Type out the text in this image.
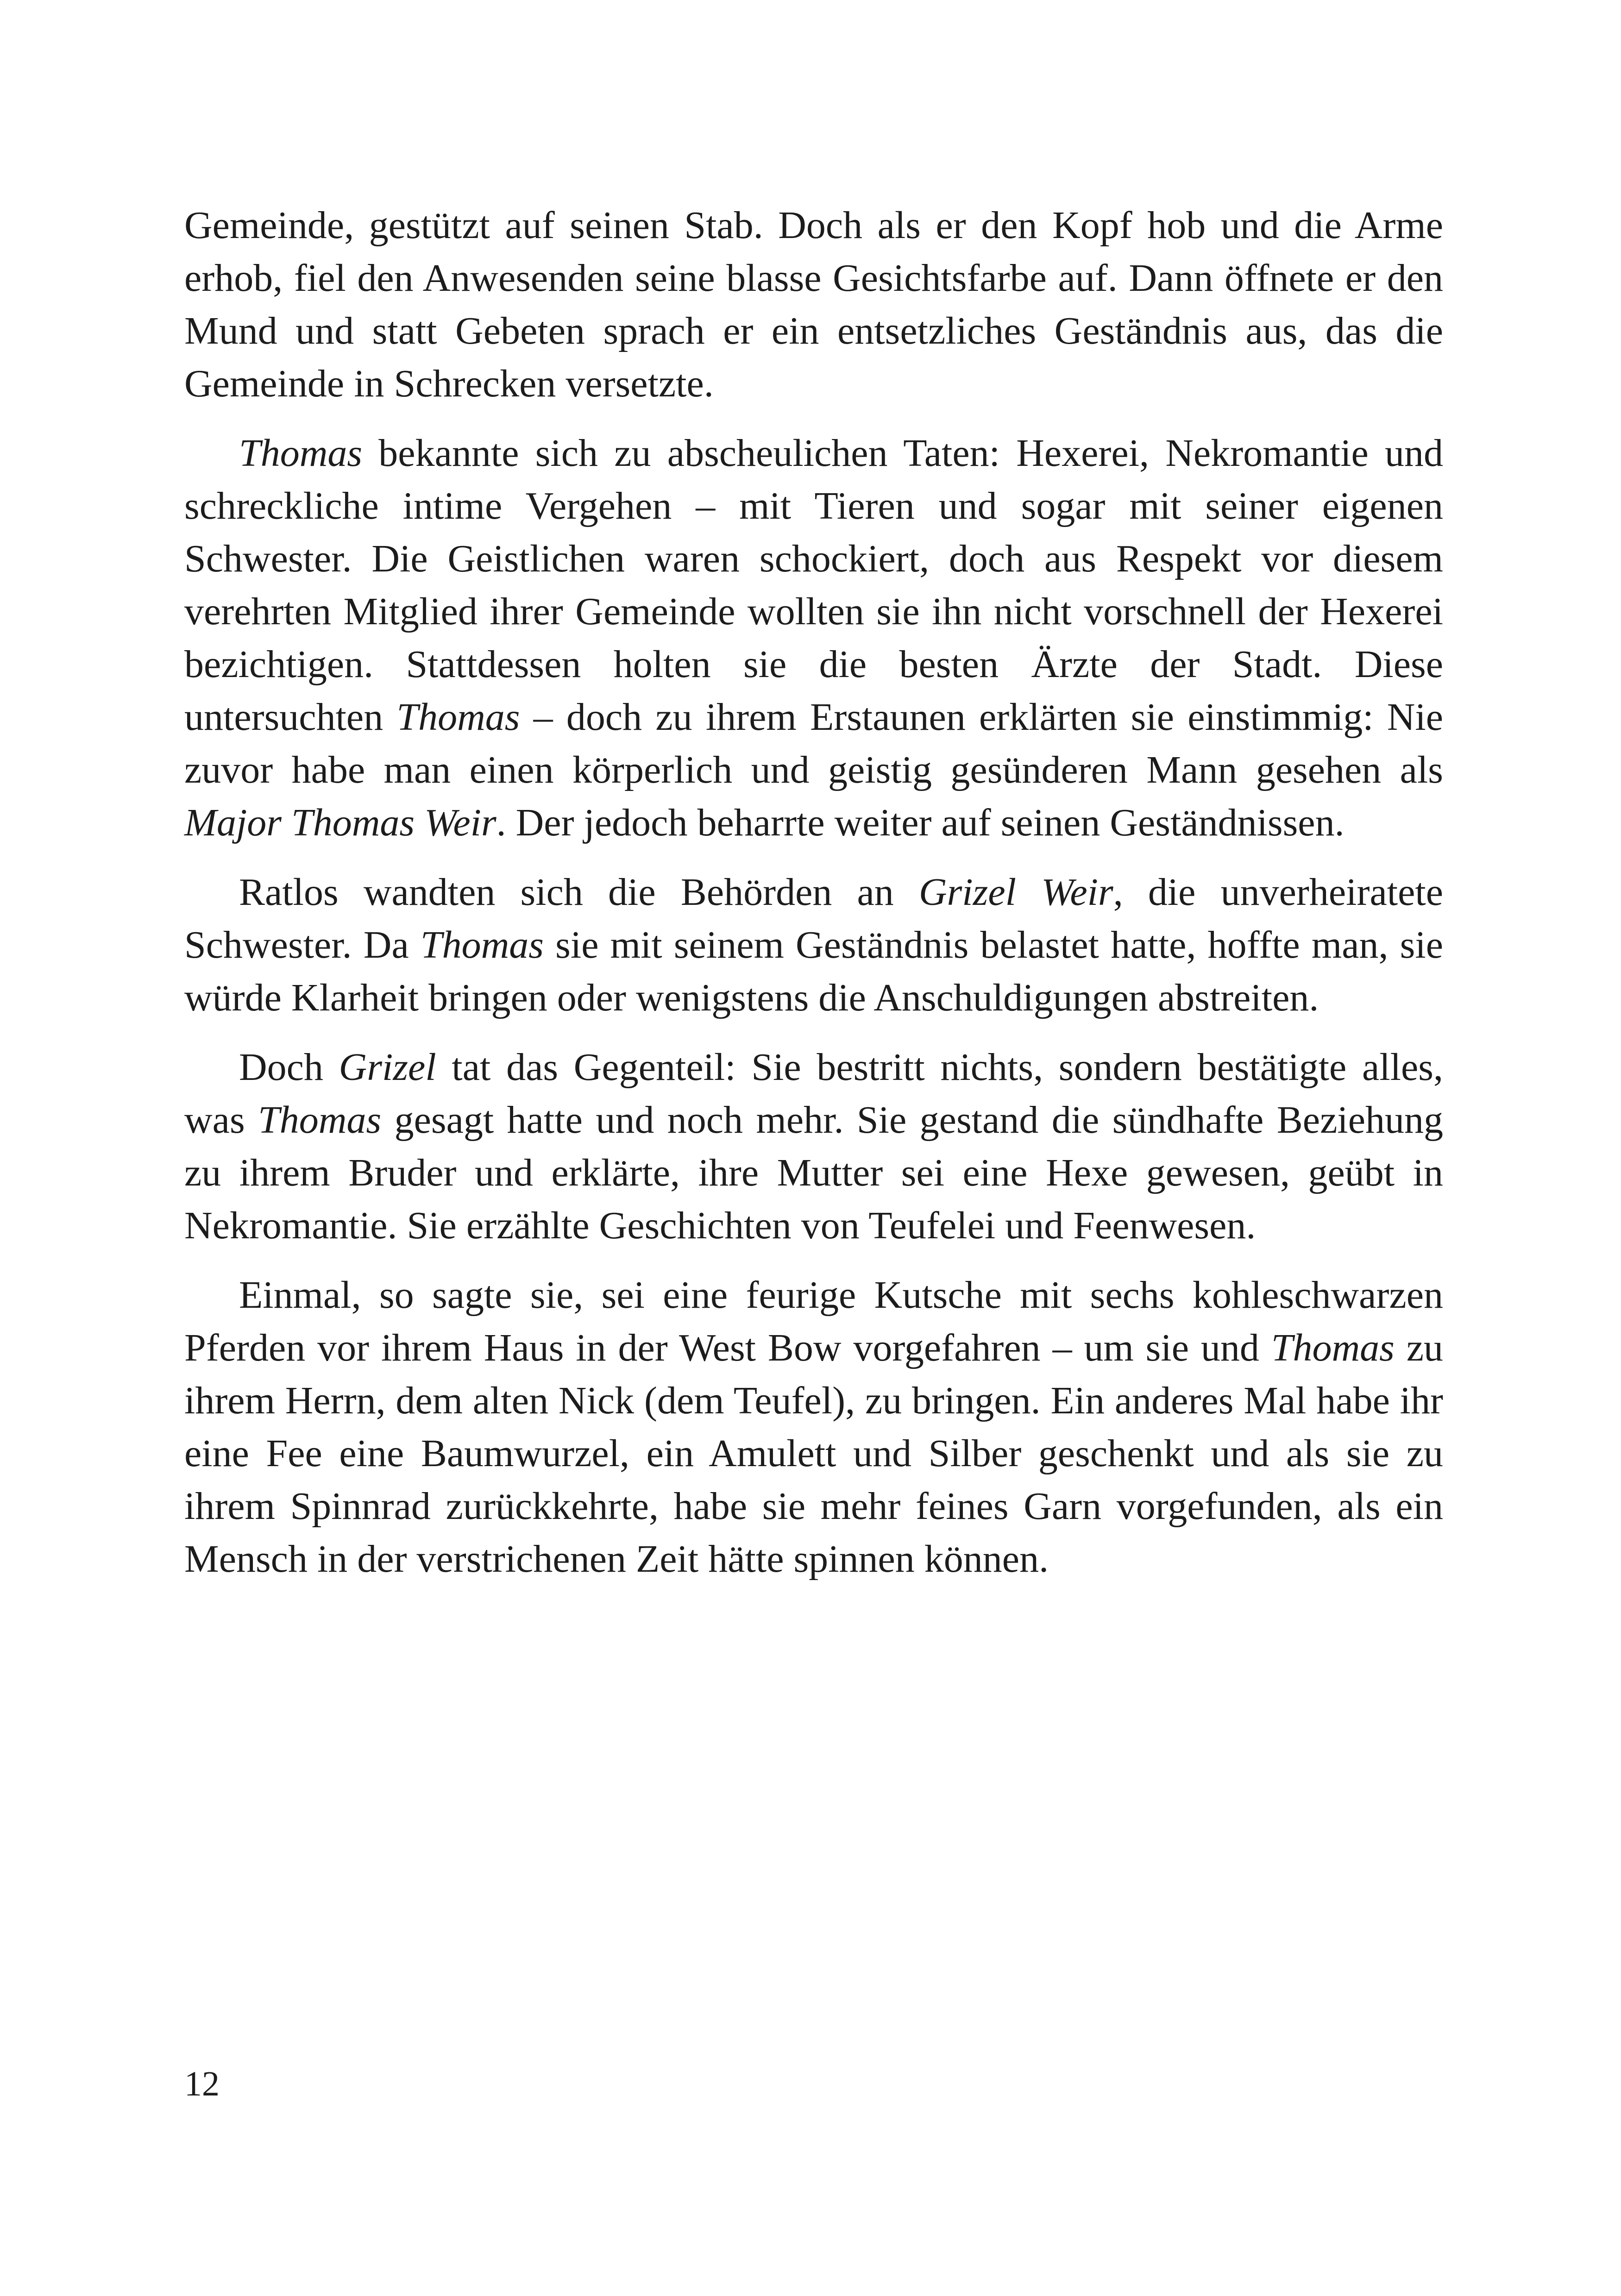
Gemeinde, gestützt auf seinen Stab. Doch als er den Kopf hob und die Arme erhob, fiel den Anwesenden seine blasse Gesichtsfarbe auf. Dann öffnete er den Mund und statt Gebeten sprach er ein entsetzliches Geständnis aus, das die Gemeinde in Schrecken versetzte.

Thomas bekannte sich zu abscheulichen Taten: Hexerei, Nekromantie und schreckliche intime Vergehen – mit Tieren und sogar mit seiner eigenen Schwester. Die Geistlichen waren schockiert, doch aus Respekt vor diesem verehrten Mitglied ihrer Gemeinde wollten sie ihn nicht vorschnell der Hexerei bezichtigen. Stattdessen holten sie die besten Ärzte der Stadt. Diese untersuchten Thomas – doch zu ihrem Erstaunen erklärten sie einstimmig: Nie zuvor habe man einen körperlich und geistig gesünderen Mann gesehen als Major Thomas Weir. Der jedoch beharrte weiter auf seinen Geständnissen.

Ratlos wandten sich die Behörden an Grizel Weir, die unverheiratete Schwester. Da Thomas sie mit seinem Geständnis belastet hatte, hoffte man, sie würde Klarheit bringen oder wenigstens die Anschuldigungen abstreiten.

Doch Grizel tat das Gegenteil: Sie bestritt nichts, sondern bestätigte alles, was Thomas gesagt hatte und noch mehr. Sie gestand die sündhafte Beziehung zu ihrem Bruder und erklärte, ihre Mutter sei eine Hexe gewesen, geübt in Nekromantie. Sie erzählte Geschichten von Teufelei und Feenwesen.

Einmal, so sagte sie, sei eine feurige Kutsche mit sechs kohleschwarzen Pferden vor ihrem Haus in der West Bow vorgefahren – um sie und Thomas zu ihrem Herrn, dem alten Nick (dem Teufel), zu bringen. Ein anderes Mal habe ihr eine Fee eine Baumwurzel, ein Amulett und Silber geschenkt und als sie zu ihrem Spinnrad zurückkehrte, habe sie mehr feines Garn vorgefunden, als ein Mensch in der verstrichenen Zeit hätte spinnen können.

12
